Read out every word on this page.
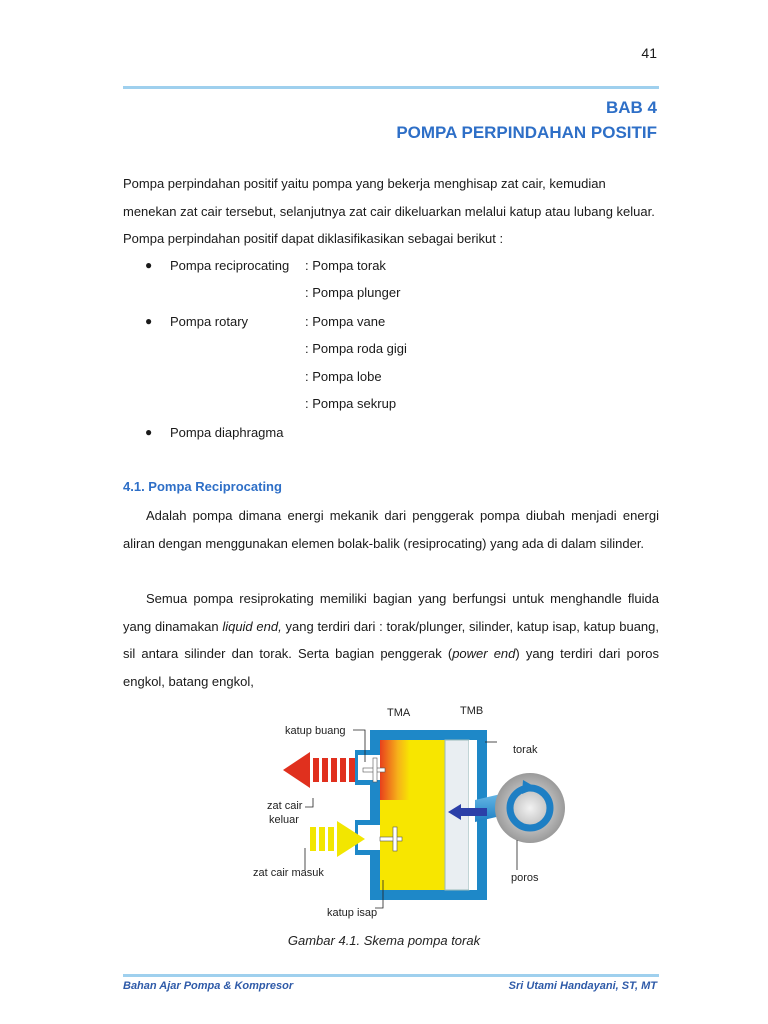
41
BAB 4
POMPA PERPINDAHAN POSITIF

Pompa perpindahan positif yaitu pompa yang bekerja menghisap zat cair, kemudian menekan zat cair tersebut, selanjutnya zat cair dikeluarkan melalui katup atau lubang keluar. Pompa perpindahan positif dapat diklasifikasikan sebagai berikut :

● Pompa reciprocating : Pompa torak
: Pompa plunger
● Pompa rotary	: Pompa vane
: Pompa roda gigi
: Pompa lobe
: Pompa sekrup
● Pompa diaphragma
4.1. Pompa Reciprocating

Adalah pompa dimana energi mekanik dari penggerak pompa diubah menjadi energi aliran dengan menggunakan elemen bolak-balik (resiprocating) yang ada di dalam silinder.

Semua pompa resiprokating memiliki bagian yang berfungsi untuk menghandle fluida yang dinamakan liquid end, yang terdiri dari : torak/plunger, silinder, katup isap, katup buang, sil antara silinder dan torak. Serta bagian penggerak (power end) yang terdiri dari poros engkol, batang engkol,

TMA	TMB
katup buang
torak
zat cair
keluar
zat cair masuk	poros
katup isap
Gambar 4.1. Skema pompa torak
Bahan Ajar Pompa & Kompresor	Sri Utami Handayani, ST, MT
